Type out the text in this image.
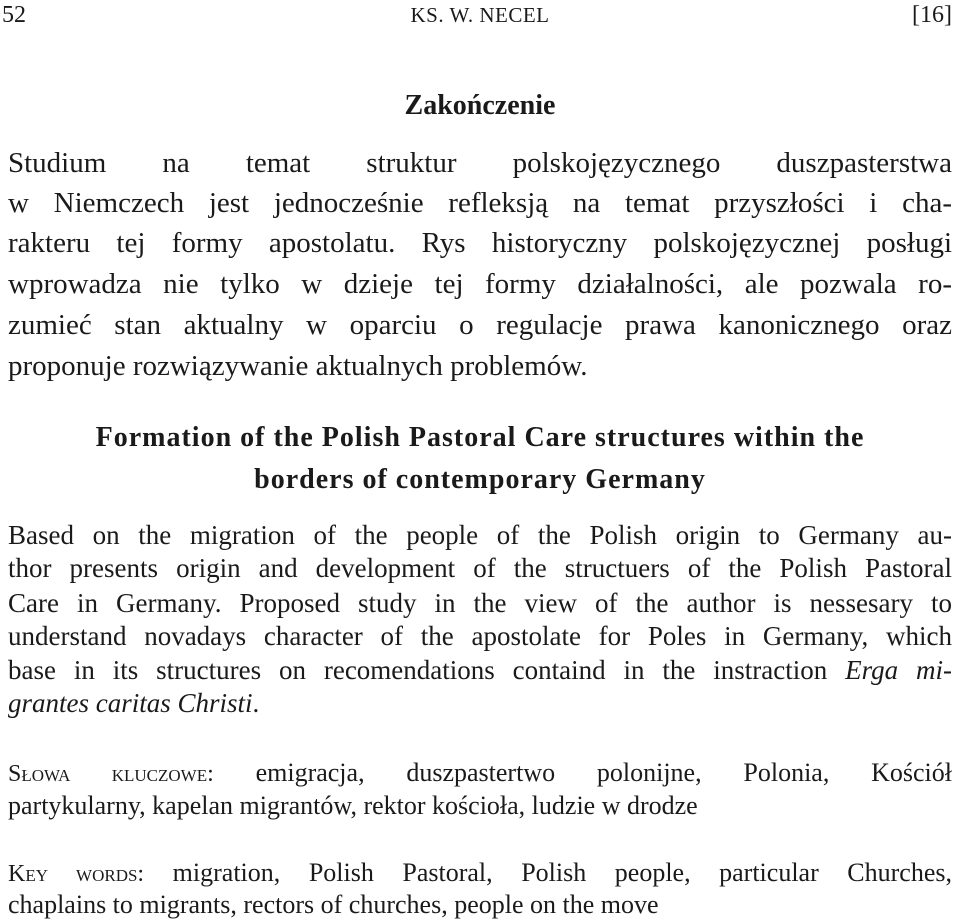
52	KS. W. NECEL	[16]
Zakończenie
Studium na temat struktur polskojęzycznego duszpasterstwa
w Niemczech jest jednocześnie refleksją na temat przyszłości i cha-
rakteru tej formy apostolatu. Rys historyczny polskojęzycznej posługi
wprowadza nie tylko w dzieje tej formy działalności, ale pozwala ro-
zumieć stan aktualny w oparciu o regulacje prawa kanonicznego oraz
proponuje rozwiązywanie aktualnych problemów.
Formation of the Polish Pastoral Care structures within the
borders of contemporary Germany
Based on the migration of the people of the Polish origin to Germany au-
thor presents origin and development of the structuers of the Polish Pastoral
Care in Germany. Proposed study in the view of the author is nessesary to
understand novadays character of the apostolate for Poles in Germany, which
base in its structures on recomendations containd in the instraction Erga mi-
grantes caritas Christi.
Słowa kluczowe: emigracja, duszpastertwo polonijne, Polonia, Kościół
partykularny, kapelan migrantów, rektor kościoła, ludzie w drodze
Key words: migration, Polish Pastoral, Polish people, particular Churches,
chaplains to migrants, rectors of churches, people on the move
